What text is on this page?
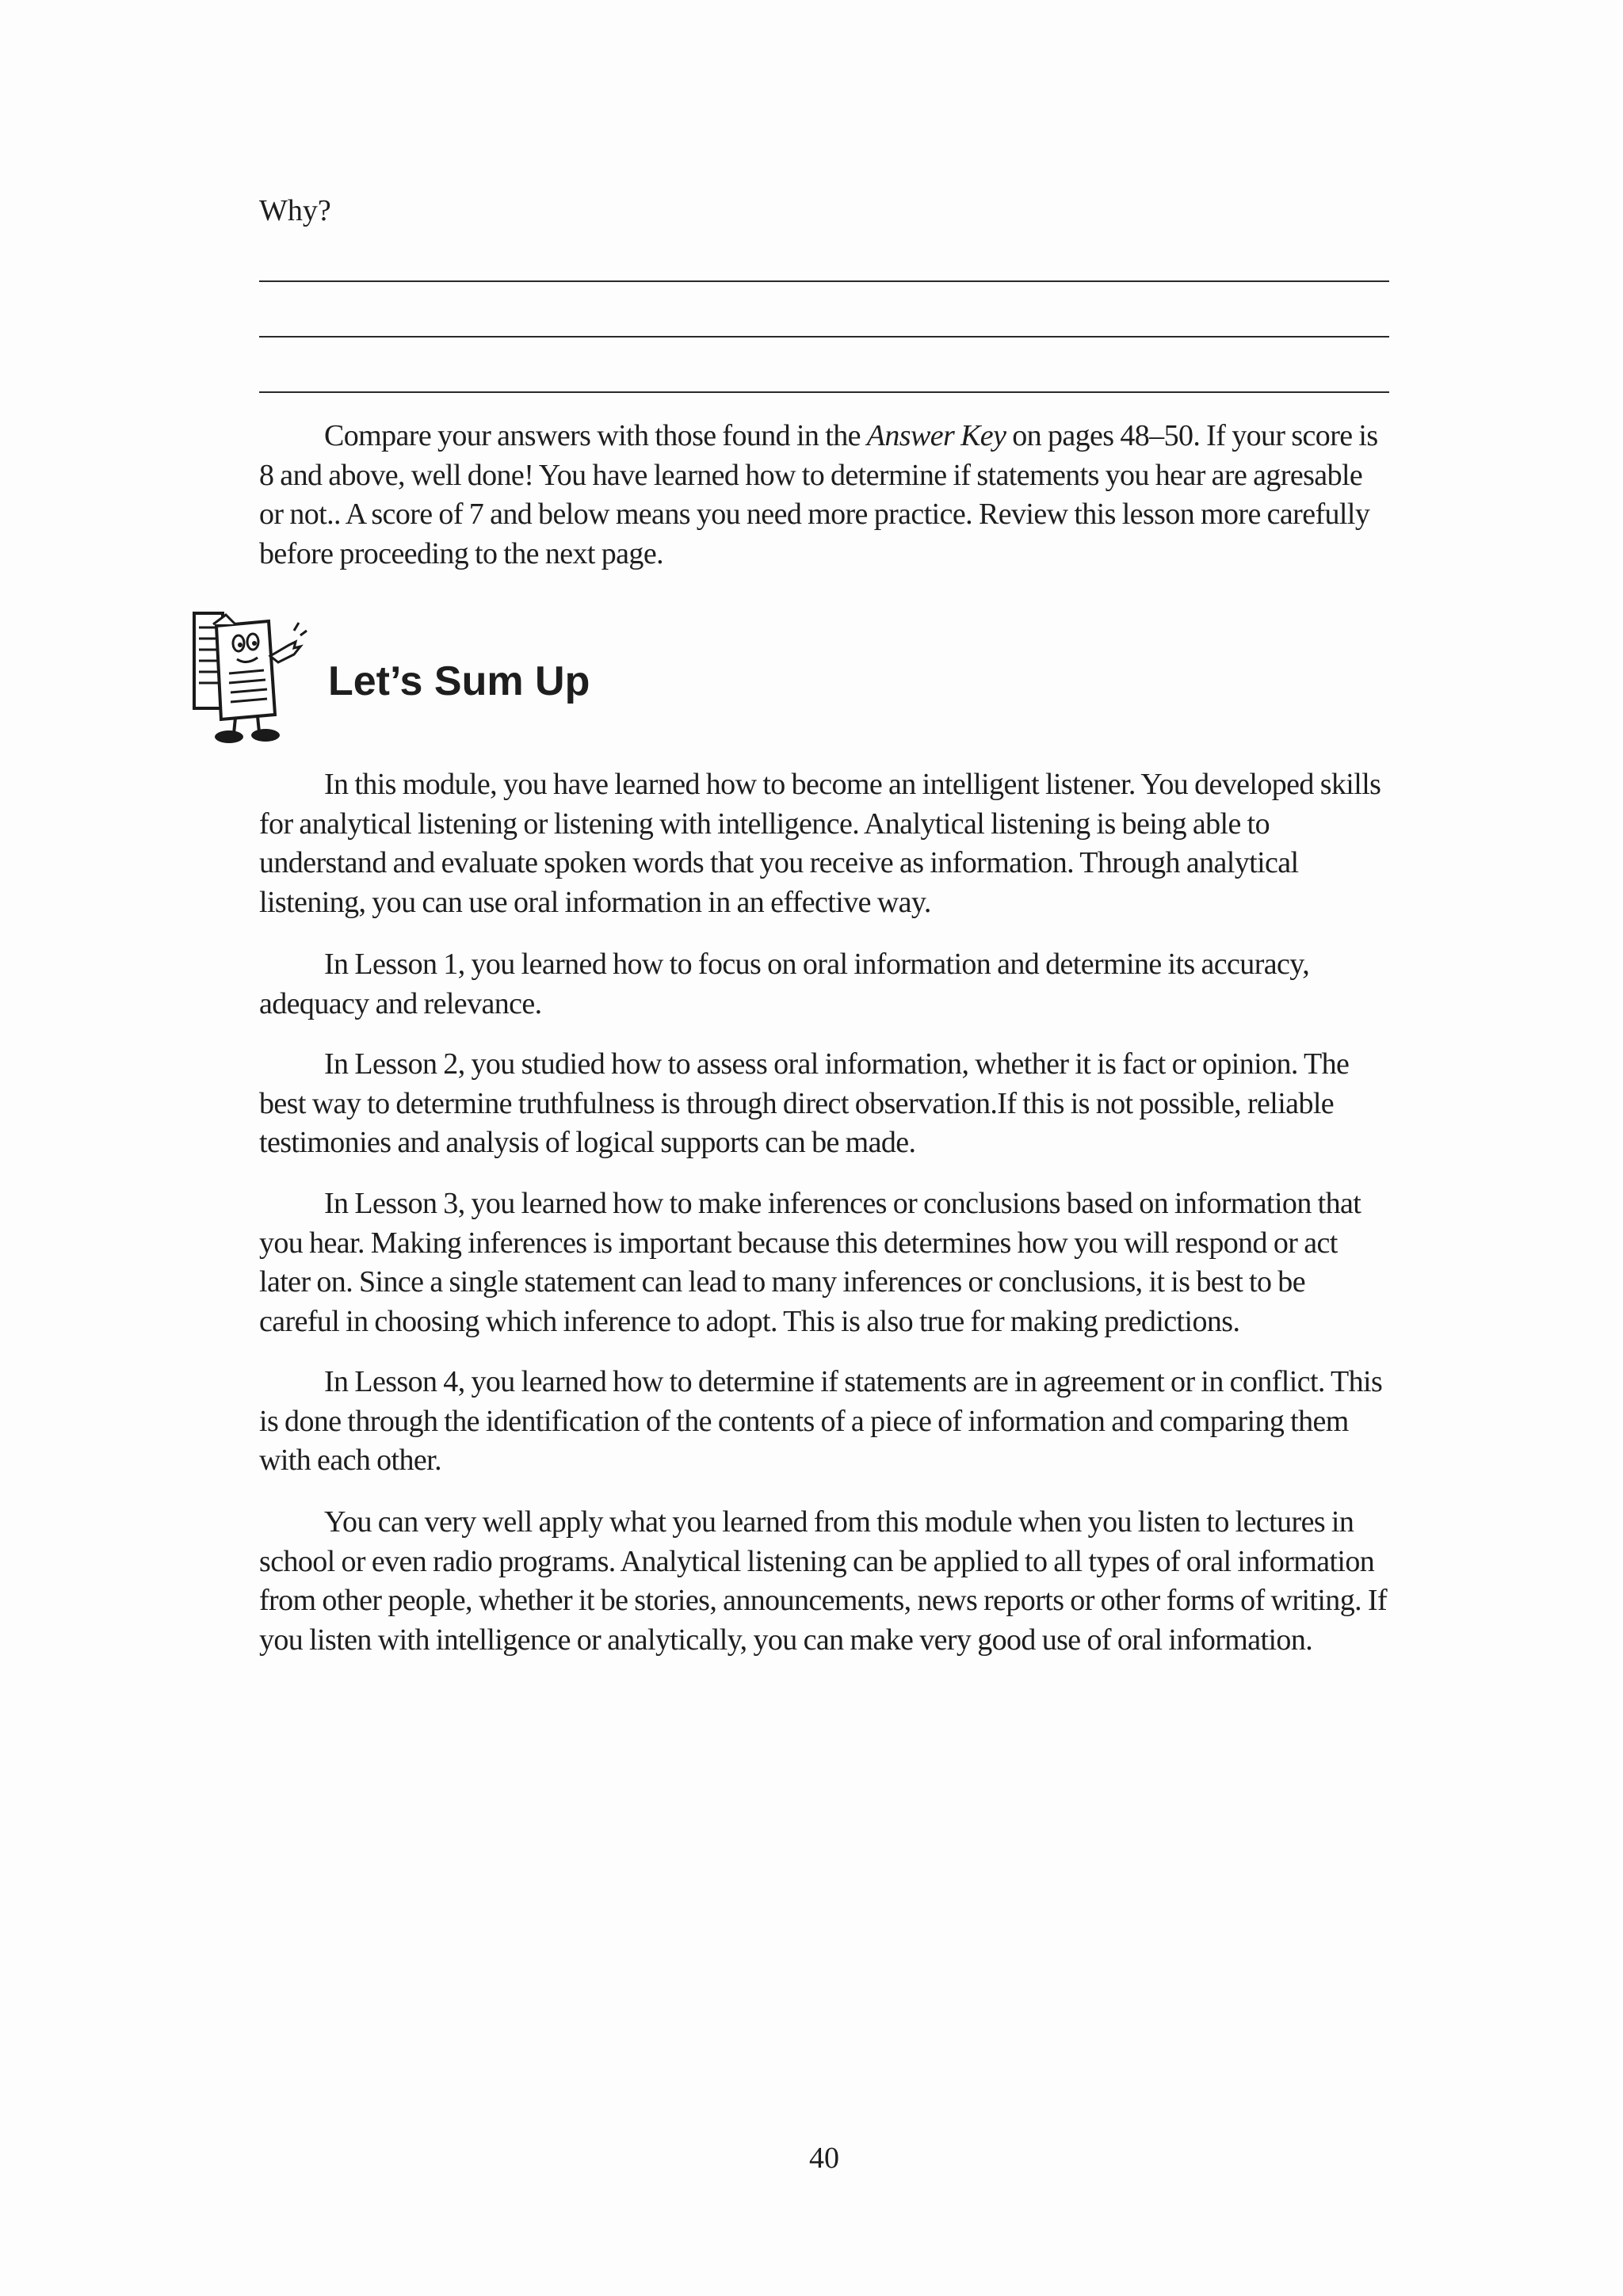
Why?

Compare your answers with those found in the Answer Key on pages 48–50. If your score is 8 and above, well done! You have learned how to determine if statements you hear are agresable or not.. A score of 7 and below means you need more practice. Review this lesson more carefully before proceeding to the next page.

Let’s Sum Up

In this module, you have learned how to become an intelligent listener. You developed skills for analytical listening or listening with intelligence. Analytical listening is being able to understand and evaluate spoken words that you receive as information. Through analytical listening, you can use oral information in an effective way.

In Lesson 1, you learned how to focus on oral information and determine its accuracy, adequacy and relevance.

In Lesson 2, you studied how to assess oral information, whether it is fact or opinion. The best way to determine truthfulness is through direct observation.If this is not possible, reliable testimonies and analysis of logical supports can be made.

In Lesson 3, you learned how to make inferences or conclusions based on information that you hear. Making inferences is important because this determines how you will respond or act later on. Since a single statement can lead to many inferences or conclusions, it is best to be careful in choosing which inference to adopt. This is also true for making predictions.

In Lesson 4, you learned how to determine if statements are in agreement or in conflict. This is done through the identification of the contents of a piece of information and comparing them with each other.

You can very well apply what you learned from this module when you listen to lectures in school or even radio programs. Analytical listening can be applied to all types of oral information from other people, whether it be stories, announcements, news reports or other forms of writing. If you listen with intelligence or analytically, you can make very good use of oral information.

40
